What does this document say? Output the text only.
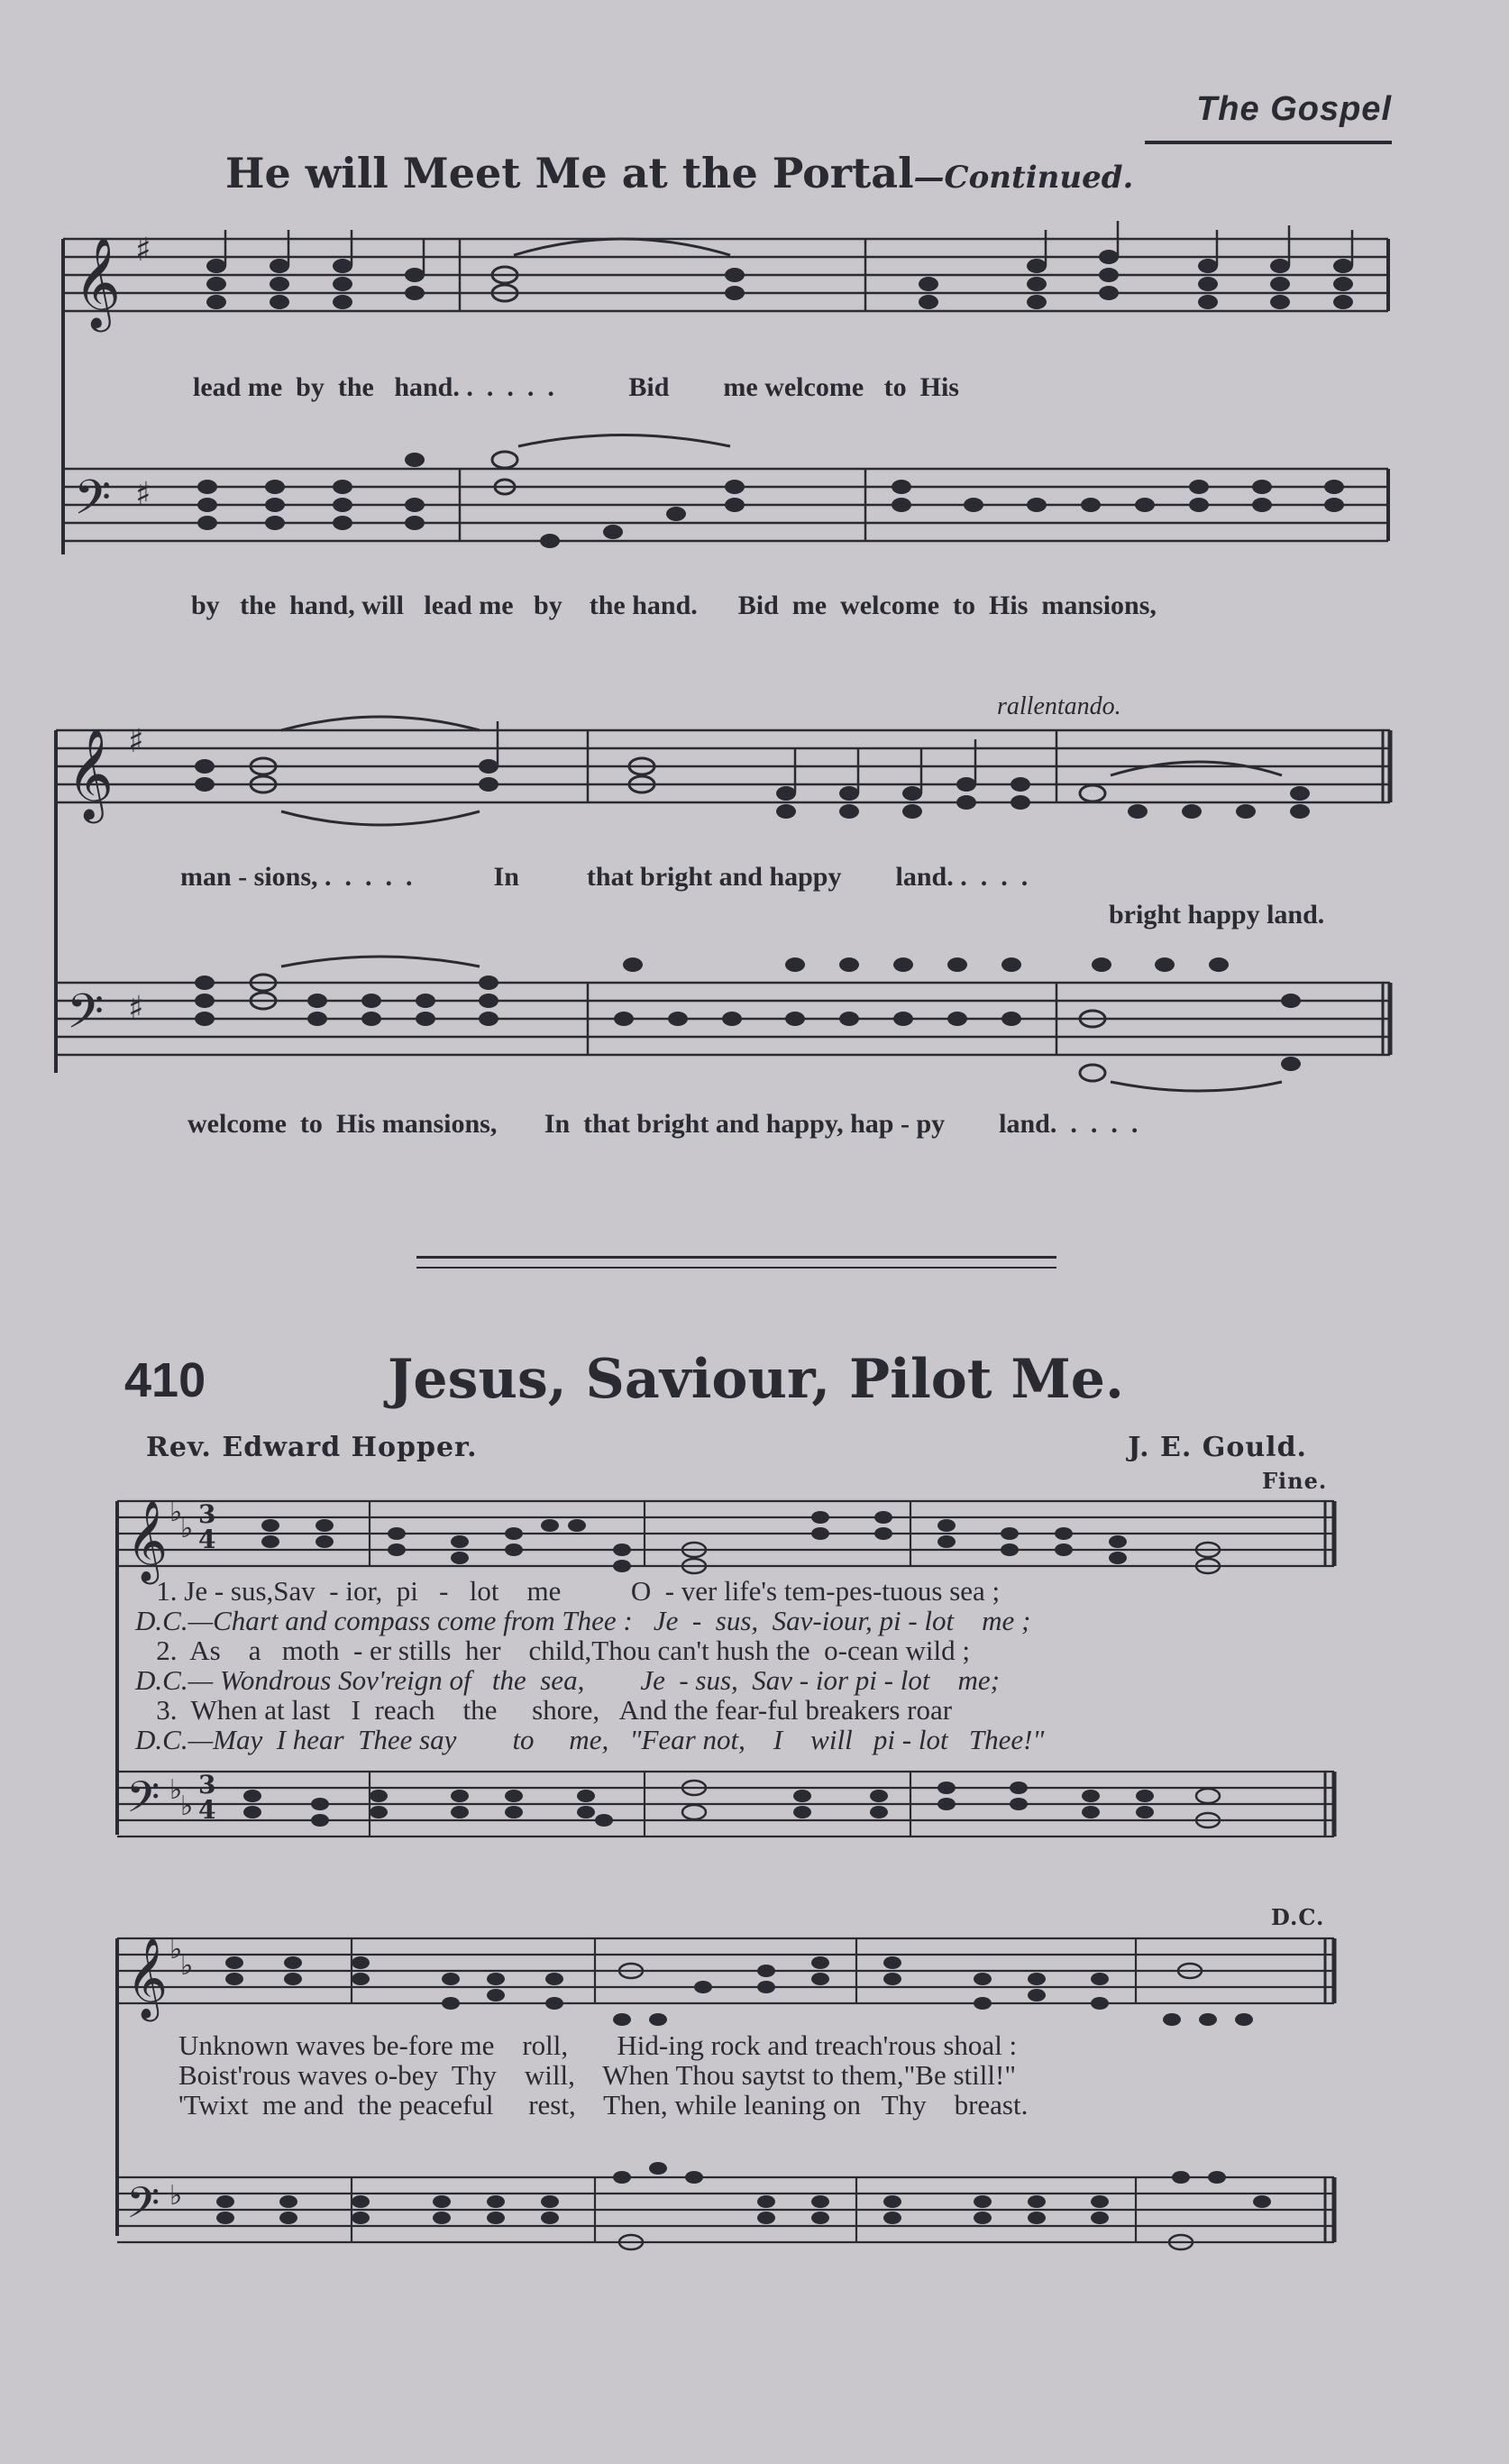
The Gospel
He will Meet Me at the Portal—Continued.
𝄞 ♯
lead me  by  the   hand. .  .  .  .  .           Bid        me welcome   to  His
𝄢 ♯
by   the  hand, will   lead me   by    the hand.      Bid  me  welcome  to  His  mansions,
rallentando.
𝄞 ♯
man - sions, .  .  .  .  .            In          that bright and happy        land. .  .  .  .
bright happy land.
𝄢 ♯
welcome  to  His mansions,       In  that bright and happy, hap - py        land.  .  .  .  .
410	Jesus, Saviour, Pilot Me.
Rev. Edward Hopper.	J. E. Gould.
Fine.
𝄞 ♭
♭ 3
4
1. Je - sus,Sav  - ior,  pi   -   lot    me          O  - ver life's tem-pes-tuous sea ;
D.C.—Chart and compass come from Thee :   Je  -  sus,  Sav-iour, pi - lot    me ;
2.  As    a   moth  - er stills  her    child,Thou can't hush the  o-cean wild ;
D.C.— Wondrous Sov'reign of   the  sea,        Je  - sus,  Sav - ior pi - lot    me;
3.  When at last   I  reach    the     shore,   And the fear-ful breakers roar
D.C.—May  I hear  Thee say        to     me,   "Fear not,    I    will   pi - lot   Thee!"
𝄢 ♭
♭
3
4
D.C.
𝄞 ♭
♭
Unknown waves be-fore me    roll,       Hid-ing rock and treach'rous shoal :
Boist'rous waves o-bey  Thy    will,    When Thou saytst to them,"Be still!"
'Twixt  me and  the peaceful     rest,    Then, while leaning on   Thy    breast.
𝄢 ♭
